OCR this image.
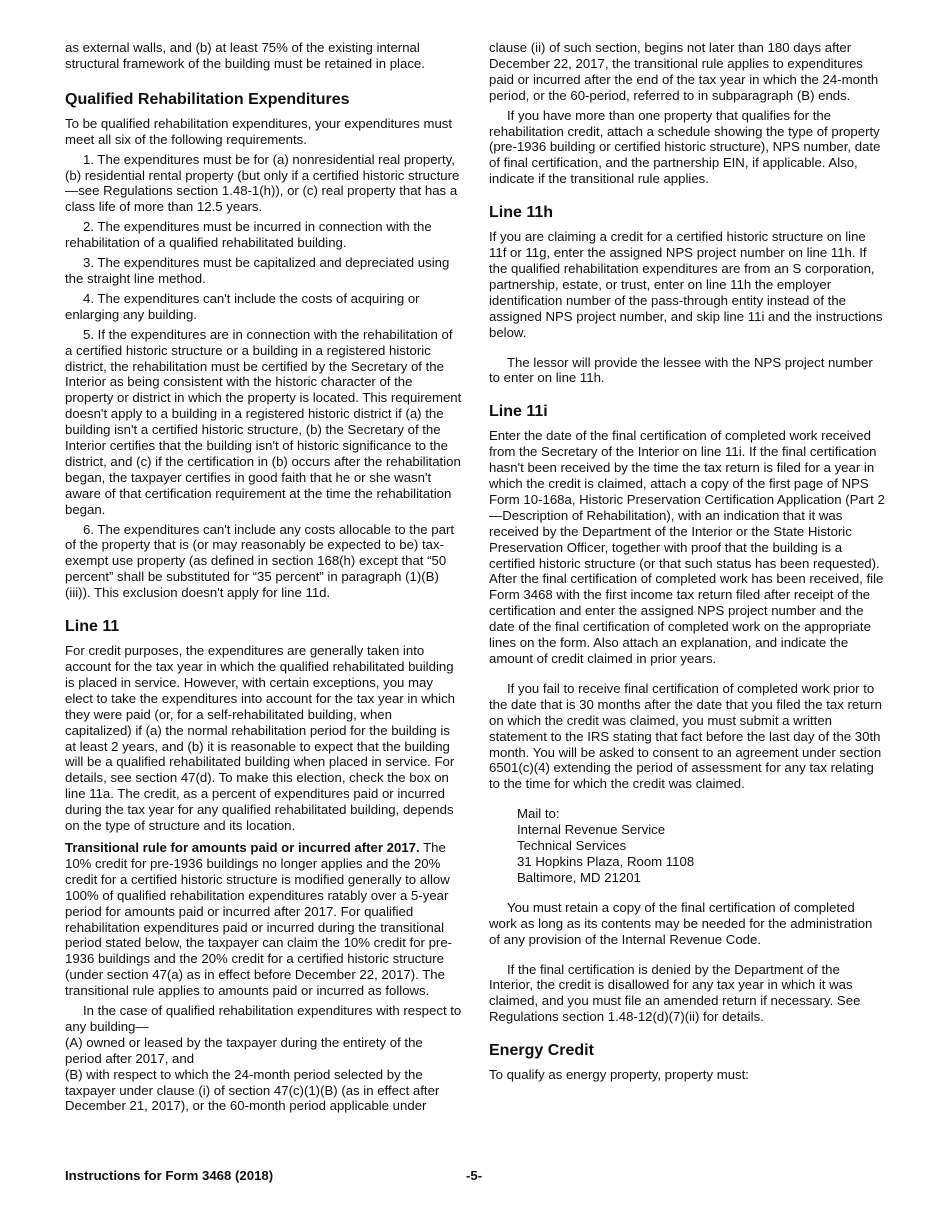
as external walls, and (b) at least 75% of the existing internal structural framework of the building must be retained in place.

Qualified Rehabilitation Expenditures

To be qualified rehabilitation expenditures, your expenditures must meet all six of the following requirements.

1. The expenditures must be for (a) nonresidential real property, (b) residential rental property (but only if a certified historic structure—see Regulations section 1.48-1(h)), or (c) real property that has a class life of more than 12.5 years.

2. The expenditures must be incurred in connection with the rehabilitation of a qualified rehabilitated building.

3. The expenditures must be capitalized and depreciated using the straight line method.

4. The expenditures can't include the costs of acquiring or enlarging any building.

5. If the expenditures are in connection with the rehabilitation of a certified historic structure or a building in a registered historic district, the rehabilitation must be certified by the Secretary of the Interior as being consistent with the historic character of the property or district in which the property is located. This requirement doesn't apply to a building in a registered historic district if (a) the building isn't a certified historic structure, (b) the Secretary of the Interior certifies that the building isn't of historic significance to the district, and (c) if the certification in (b) occurs after the rehabilitation began, the taxpayer certifies in good faith that he or she wasn't aware of that certification requirement at the time the rehabilitation began.

6. The expenditures can't include any costs allocable to the part of the property that is (or may reasonably be expected to be) tax-exempt use property (as defined in section 168(h) except that “50 percent” shall be substituted for “35 percent” in paragraph (1)(B)(iii)). This exclusion doesn't apply for line 11d.

Line 11

For credit purposes, the expenditures are generally taken into account for the tax year in which the qualified rehabilitated building is placed in service. However, with certain exceptions, you may elect to take the expenditures into account for the tax year in which they were paid (or, for a self-rehabilitated building, when capitalized) if (a) the normal rehabilitation period for the building is at least 2 years, and (b) it is reasonable to expect that the building will be a qualified rehabilitated building when placed in service. For details, see section 47(d). To make this election, check the box on line 11a. The credit, as a percent of expenditures paid or incurred during the tax year for any qualified rehabilitated building, depends on the type of structure and its location.

Transitional rule for amounts paid or incurred after 2017. The 10% credit for pre-1936 buildings no longer applies and the 20% credit for a certified historic structure is modified generally to allow 100% of qualified rehabilitation expenditures ratably over a 5-year period for amounts paid or incurred after 2017. For qualified rehabilitation expenditures paid or incurred during the transitional period stated below, the taxpayer can claim the 10% credit for pre-1936 buildings and the 20% credit for a certified historic structure (under section 47(a) as in effect before December 22, 2017). The transitional rule applies to amounts paid or incurred as follows.

In the case of qualified rehabilitation expenditures with respect to any building—

(A) owned or leased by the taxpayer during the entirety of the period after 2017, and

(B) with respect to which the 24-month period selected by the taxpayer under clause (i) of section 47(c)(1)(B) (as in effect after December 21, 2017), or the 60-month period applicable under

clause (ii) of such section, begins not later than 180 days after December 22, 2017, the transitional rule applies to expenditures paid or incurred after the end of the tax year in which the 24-month period, or the 60-period, referred to in subparagraph (B) ends.

If you have more than one property that qualifies for the rehabilitation credit, attach a schedule showing the type of property (pre-1936 building or certified historic structure), NPS number, date of final certification, and the partnership EIN, if applicable. Also, indicate if the transitional rule applies.

Line 11h

If you are claiming a credit for a certified historic structure on line 11f or 11g, enter the assigned NPS project number on line 11h. If the qualified rehabilitation expenditures are from an S corporation, partnership, estate, or trust, enter on line 11h the employer identification number of the pass-through entity instead of the assigned NPS project number, and skip line 11i and the instructions below.

The lessor will provide the lessee with the NPS project number to enter on line 11h.

Line 11i

Enter the date of the final certification of completed work received from the Secretary of the Interior on line 11i. If the final certification hasn't been received by the time the tax return is filed for a year in which the credit is claimed, attach a copy of the first page of NPS Form 10-168a, Historic Preservation Certification Application (Part 2—Description of Rehabilitation), with an indication that it was received by the Department of the Interior or the State Historic Preservation Officer, together with proof that the building is a certified historic structure (or that such status has been requested). After the final certification of completed work has been received, file Form 3468 with the first income tax return filed after receipt of the certification and enter the assigned NPS project number and the date of the final certification of completed work on the appropriate lines on the form. Also attach an explanation, and indicate the amount of credit claimed in prior years.

If you fail to receive final certification of completed work prior to the date that is 30 months after the date that you filed the tax return on which the credit was claimed, you must submit a written statement to the IRS stating that fact before the last day of the 30th month. You will be asked to consent to an agreement under section 6501(c)(4) extending the period of assessment for any tax relating to the time for which the credit was claimed.

Mail to:

Internal Revenue Service

Technical Services

31 Hopkins Plaza, Room 1108

Baltimore, MD 21201

You must retain a copy of the final certification of completed work as long as its contents may be needed for the administration of any provision of the Internal Revenue Code.

If the final certification is denied by the Department of the Interior, the credit is disallowed for any tax year in which it was claimed, and you must file an amended return if necessary. See Regulations section 1.48-12(d)(7)(ii) for details.

Energy Credit

To qualify as energy property, property must:

Instructions for Form 3468 (2018)	-5-
